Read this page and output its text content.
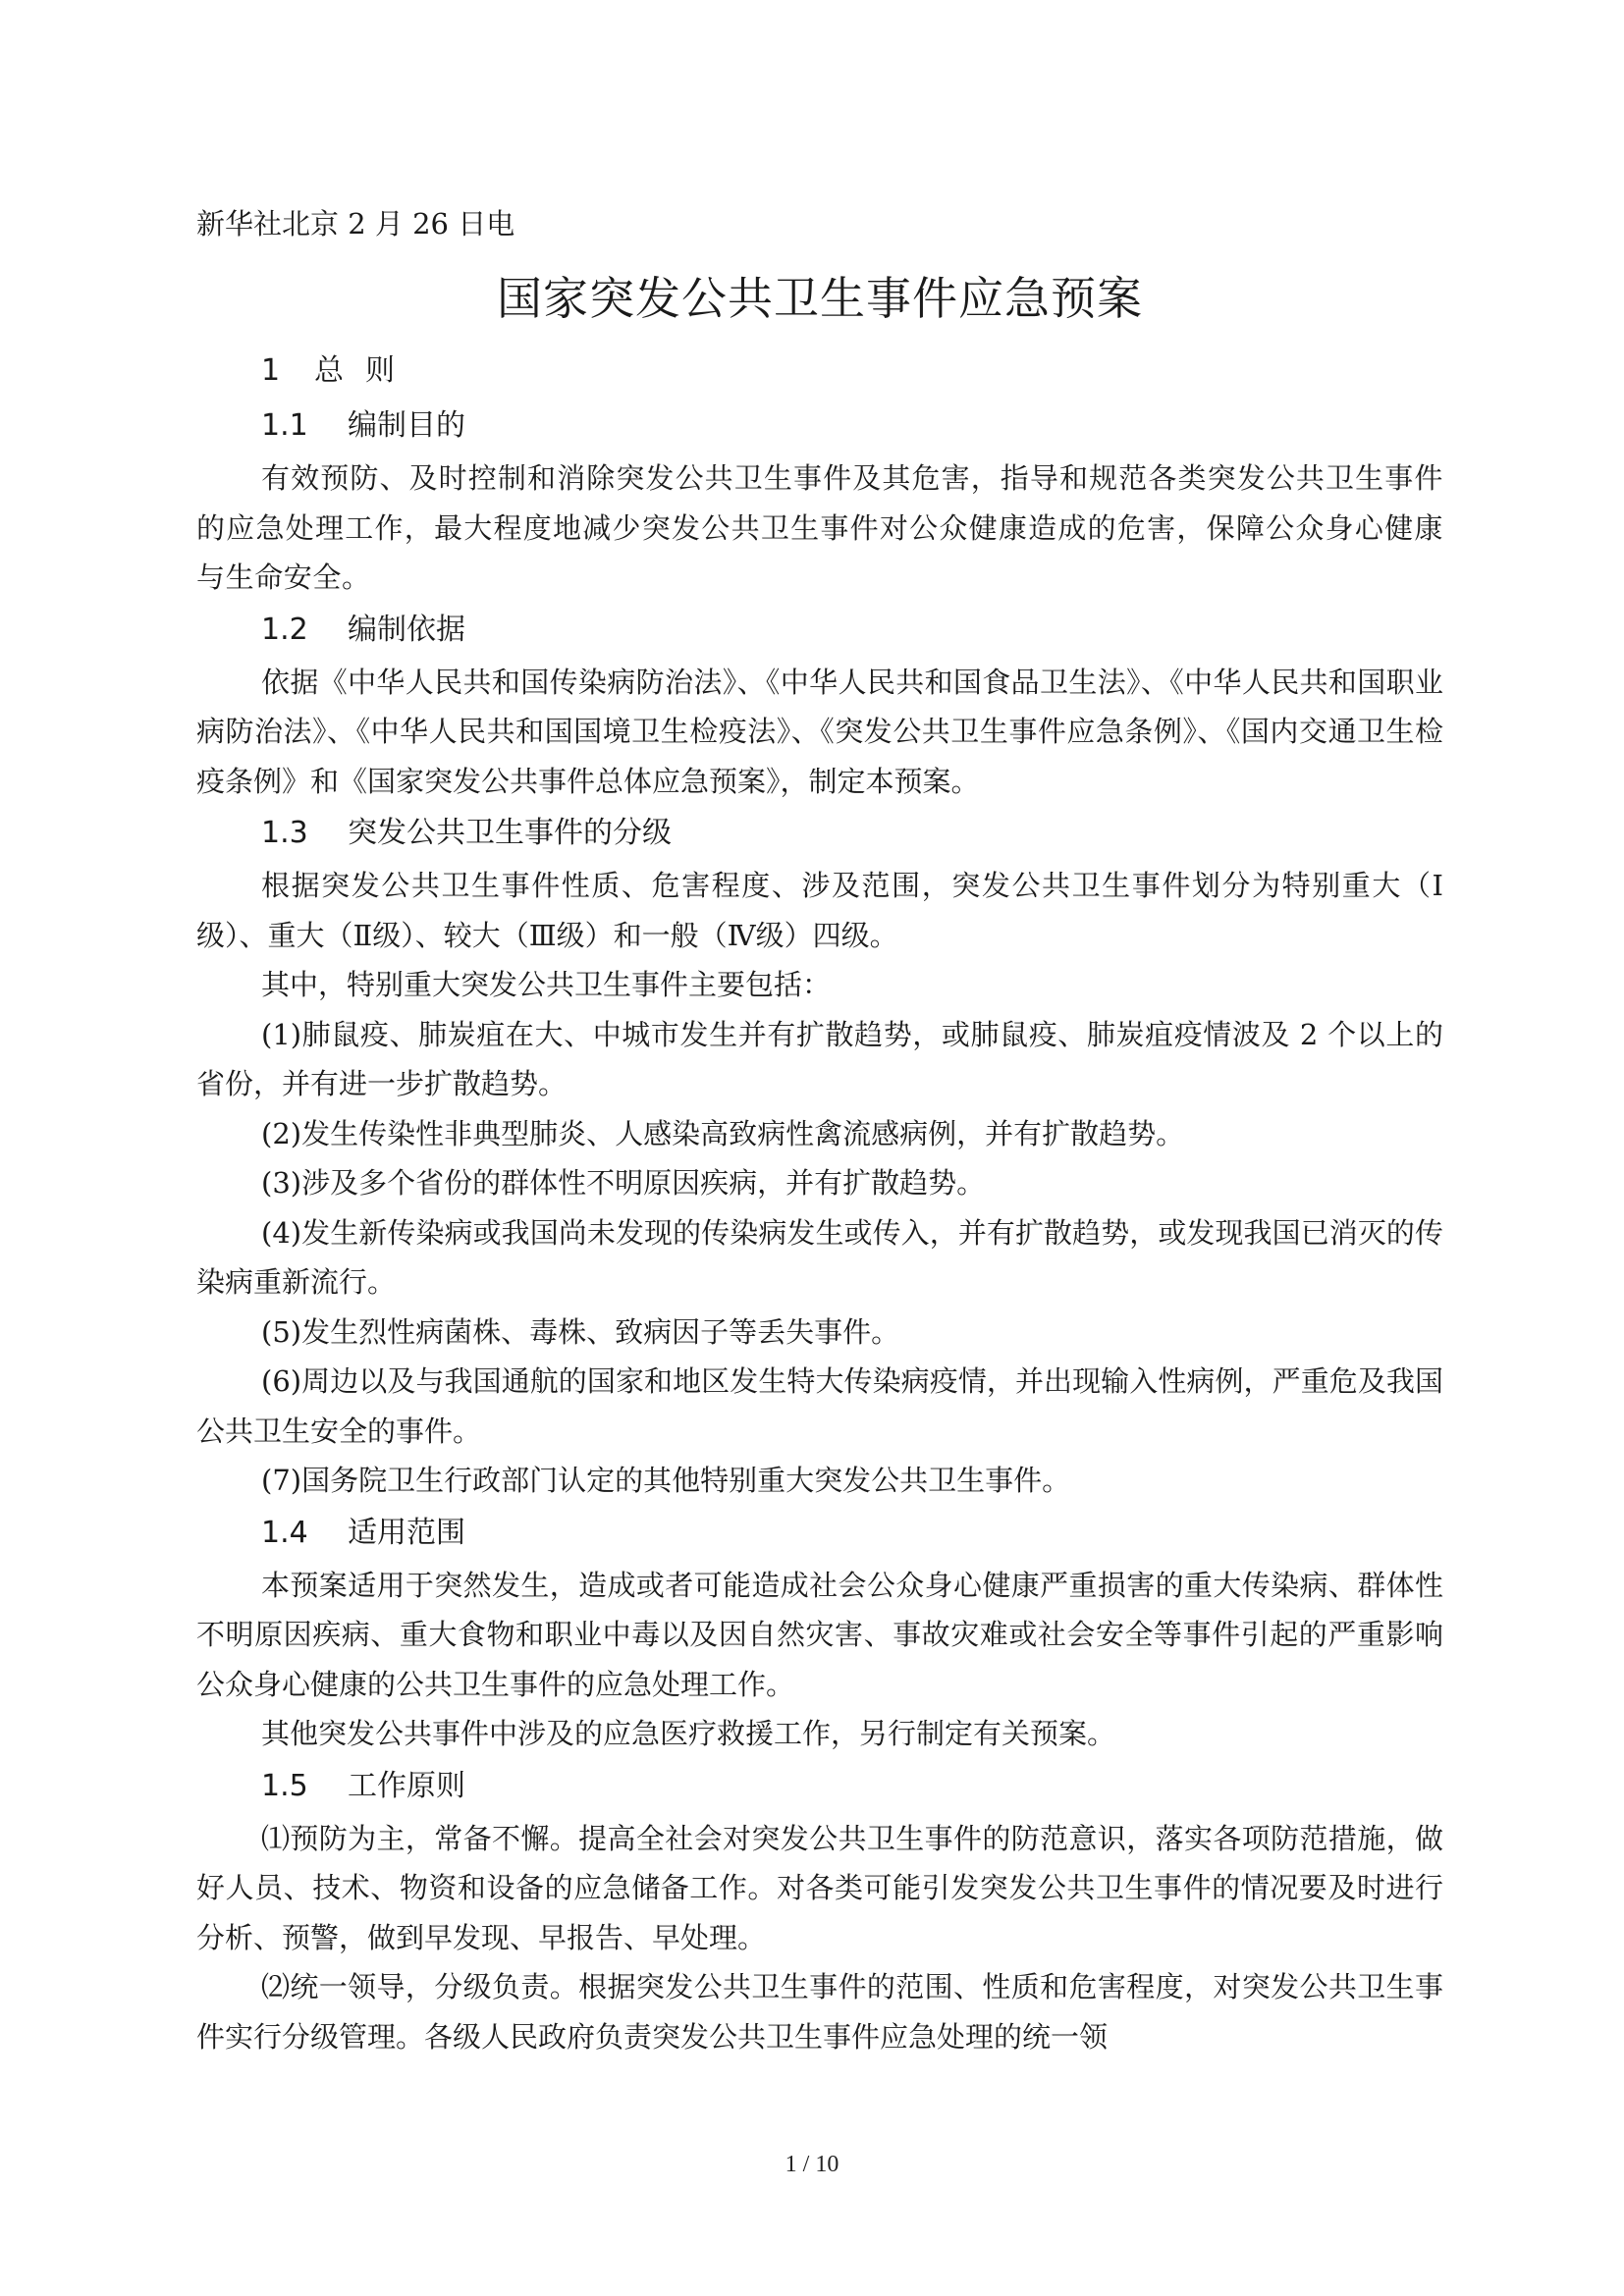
新华社北京 2 月 26 日电
国家突发公共卫生事件应急预案
1 总则
1.1 编制目的

有效预防、及时控制和消除突发公共卫生事件及其危害，指导和规范各类突发公共卫生事件的应急处理工作，最大程度地减少突发公共卫生事件对公众健康造成的危害，保障公众身心健康与生命安全。

1.2 编制依据

依据《中华人民共和国传染病防治法》、《中华人民共和国食品卫生法》、《中华人民共和国职业病防治法》、《中华人民共和国国境卫生检疫法》、《突发公共卫生事件应急条例》、《国内交通卫生检疫条例》和《国家突发公共事件总体应急预案》，制定本预案。

1.3 突发公共卫生事件的分级

根据突发公共卫生事件性质、危害程度、涉及范围，突发公共卫生事件划分为特别重大（Ⅰ级）、重大（Ⅱ级）、较大（Ⅲ级）和一般（Ⅳ级）四级。

其中，特别重大突发公共卫生事件主要包括：

(1)肺鼠疫、肺炭疽在大、中城市发生并有扩散趋势，或肺鼠疫、肺炭疽疫情波及 2 个以上的省份，并有进一步扩散趋势。

(2)发生传染性非典型肺炎、人感染高致病性禽流感病例，并有扩散趋势。

(3)涉及多个省份的群体性不明原因疾病，并有扩散趋势。

(4)发生新传染病或我国尚未发现的传染病发生或传入，并有扩散趋势，或发现我国已消灭的传染病重新流行。

(5)发生烈性病菌株、毒株、致病因子等丢失事件。

(6)周边以及与我国通航的国家和地区发生特大传染病疫情，并出现输入性病例，严重危及我国公共卫生安全的事件。

(7)国务院卫生行政部门认定的其他特别重大突发公共卫生事件。

1.4 适用范围

本预案适用于突然发生，造成或者可能造成社会公众身心健康严重损害的重大传染病、群体性不明原因疾病、重大食物和职业中毒以及因自然灾害、事故灾难或社会安全等事件引起的严重影响公众身心健康的公共卫生事件的应急处理工作。

其他突发公共事件中涉及的应急医疗救援工作，另行制定有关预案。

1.5 工作原则

⑴预防为主，常备不懈。提高全社会对突发公共卫生事件的防范意识，落实各项防范措施，做好人员、技术、物资和设备的应急储备工作。对各类可能引发突发公共卫生事件的情况要及时进行分析、预警，做到早发现、早报告、早处理。

⑵统一领导，分级负责。根据突发公共卫生事件的范围、性质和危害程度，对突发公共卫生事件实行分级管理。各级人民政府负责突发公共卫生事件应急处理的统一领

1 / 10
